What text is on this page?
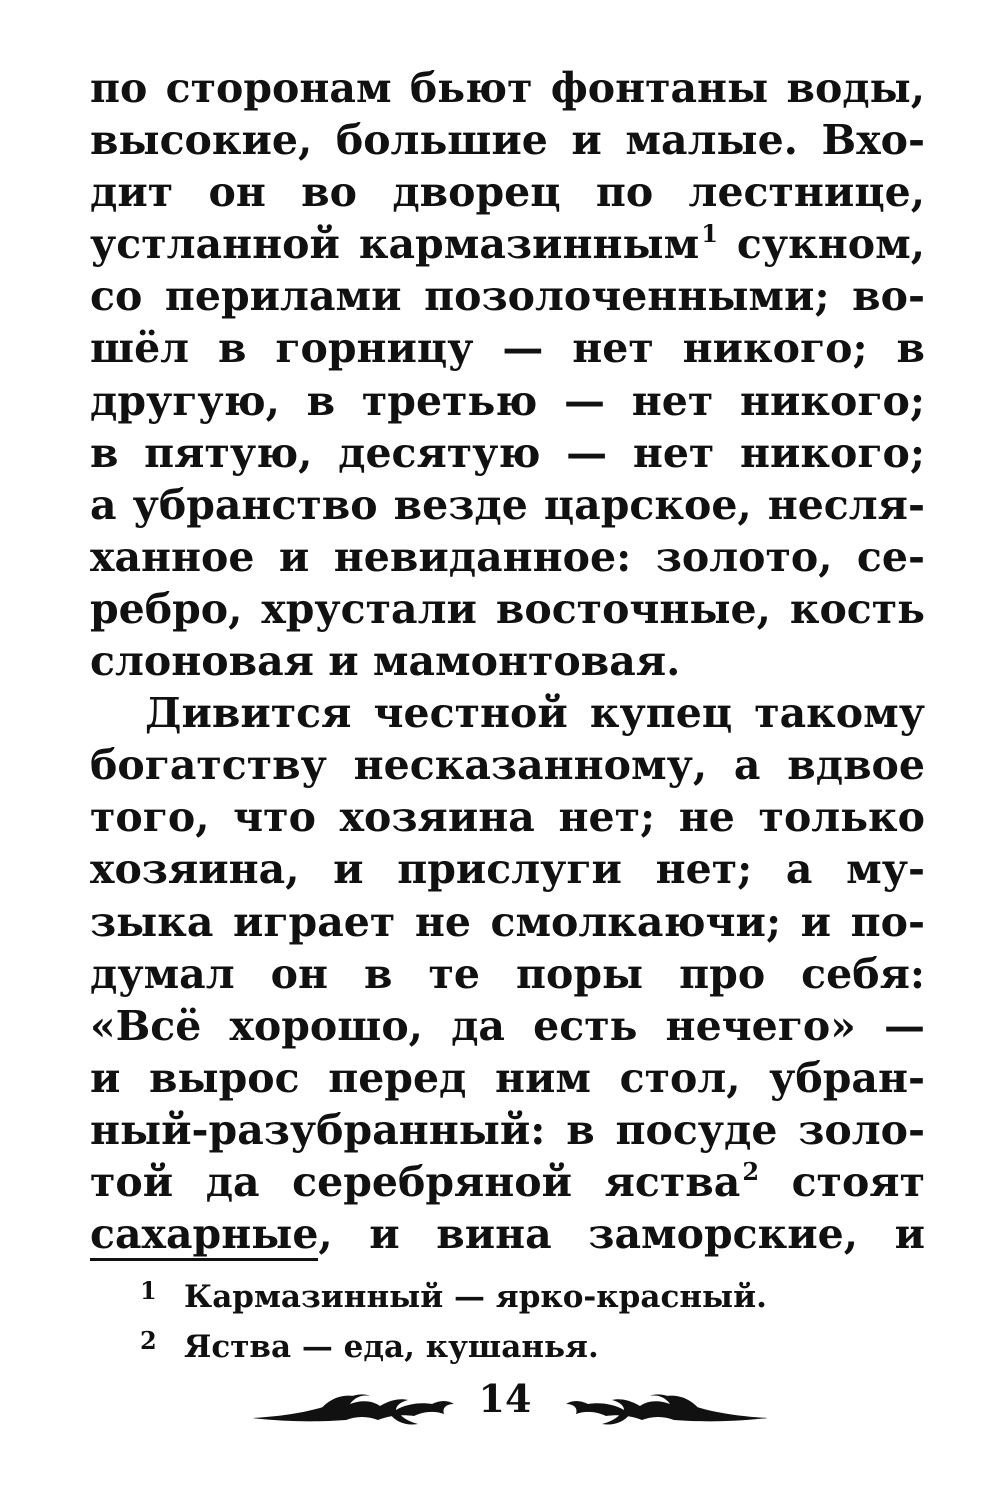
по сторонам бьют фонтаны воды,
высокие, большие и малые. Вхо-
дит он во дворец по лестнице,
устланной кармазинным$^1$ сукном,
со перилами позолоченными; во-
шёл в горницу — нет никого; в
другую, в третью — нет никого;
в пятую, десятую — нет никого;
а убранство везде царское, несля-
ханное и невиданное: золото, се-
ребро, хрустали восточные, кость
слоновая и мамонтовая.
Дивится честной купец такому
богатству несказанному, а вдвое
того, что хозяина нет; не только
хозяина, и прислуги нет; а му-
зыка играет не смолкаючи; и по-
думал он в те поры про себя:
«Всё хорошо, да есть нечего» —
и вырос перед ним стол, убран-
ный-разубранный: в посуде золо-
той да серебряной яства$^2$ стоят
сахарные, и вина заморские, и
1 Кармазинный — ярко-красный.
2 Яства — еда, кушанья.
14
